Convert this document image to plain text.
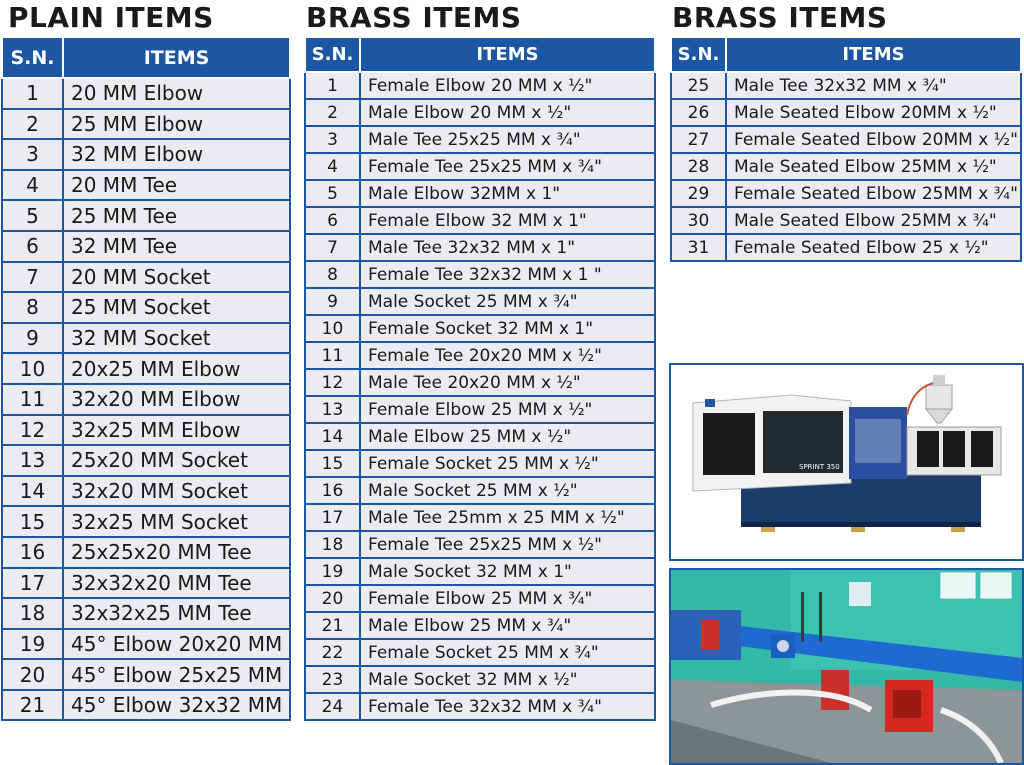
PLAIN ITEMS
S.N.	ITEMS
1	20 MM Elbow
2	25 MM Elbow
3	32 MM Elbow
4	20 MM Tee
5	25 MM Tee
6	32 MM Tee
7	20 MM Socket
8	25 MM Socket
9	32 MM Socket
10	20x25 MM Elbow
11	32x20 MM Elbow
12	32x25 MM Elbow
13	25x20 MM Socket
14	32x20 MM Socket
15	32x25 MM Socket
16	25x25x20 MM Tee
17	32x32x20 MM Tee
18	32x32x25 MM Tee
19	45° Elbow 20x20 MM
20	45° Elbow 25x25 MM
21	45° Elbow 32x32 MM
BRASS ITEMS
S.N.	ITEMS
1	Female Elbow 20 MM x ½"
2	Male Elbow 20 MM x ½"
3	Male Tee 25x25 MM x ¾"
4	Female Tee 25x25 MM x ¾"
5	Male Elbow 32MM x 1"
6	Female Elbow 32 MM x 1"
7	Male Tee 32x32 MM x 1"
8	Female Tee 32x32 MM x 1 "
9	Male Socket 25 MM x ¾"
10	Female Socket 32 MM x 1"
11	Female Tee 20x20 MM x ½"
12	Male Tee 20x20 MM x ½"
13	Female Elbow 25 MM x ½"
14	Male Elbow 25 MM x ½"
15	Female Socket 25 MM x ½"
16	Male Socket 25 MM x ½"
17	Male Tee 25mm x 25 MM x ½"
18	Female Tee 25x25 MM x ½"
19	Male Socket 32 MM x 1"
20	Female Elbow 25 MM x ¾"
21	Male Elbow 25 MM x ¾"
22	Female Socket 25 MM x ¾"
23	Male Socket 32 MM x ½"
24	Female Tee 32x32 MM x ¾"
BRASS ITEMS
S.N.	ITEMS
25	Male Tee 32x32 MM x ¾"
26	Male Seated Elbow 20MM x ½"
27	Female Seated Elbow 20MM x ½"
28	Male Seated Elbow 25MM x ½"
29	Female Seated Elbow 25MM x ¾"
30	Male Seated Elbow 25MM x ¾"
31	Female Seated Elbow 25 x ½"
SPRINT 350
